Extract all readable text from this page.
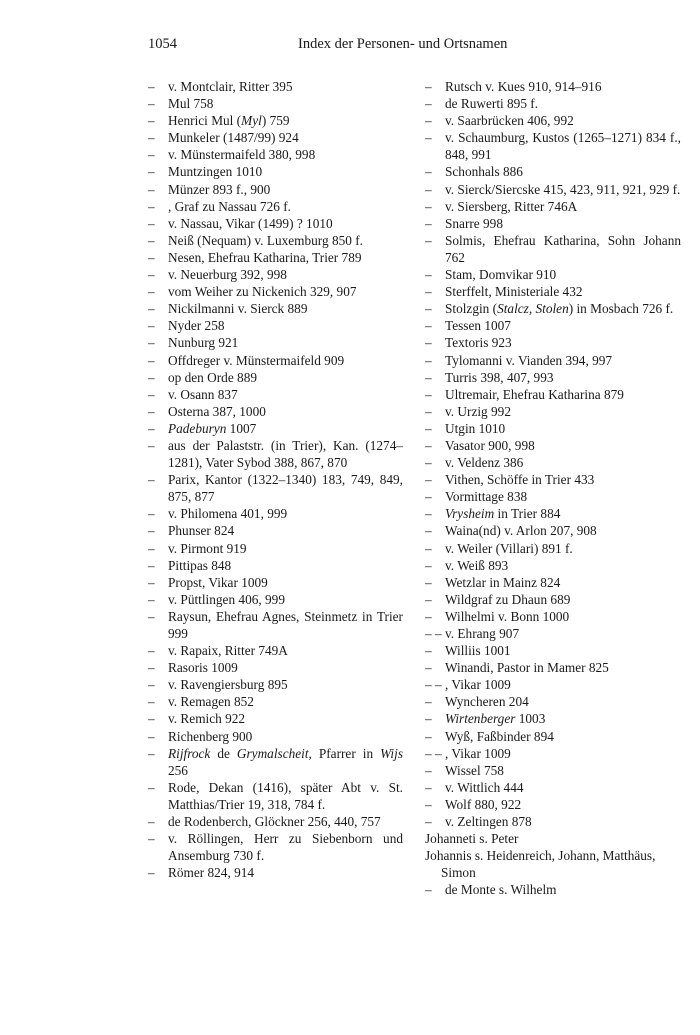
1054	Index der Personen- und Ortsnamen

– v. Montclair, Ritter 395

– Mul 758

– Henrici Mul (Myl) 759

– Munkeler (1487/99) 924

– v. Münstermaifeld 380, 998

– Muntzingen 1010

– Münzer 893 f., 900

– , Graf zu Nassau 726 f.

– v. Nassau, Vikar (1499) ? 1010

– Neiß (Nequam) v. Luxemburg 850 f.

– Nesen, Ehefrau Katharina, Trier 789

– v. Neuerburg 392, 998

– vom Weiher zu Nickenich 329, 907

– Nickilmanni v. Sierck 889

– Nyder 258

– Nunburg 921

– Offdreger v. Münstermaifeld 909

– op den Orde 889

– v. Osann 837

– Osterna 387, 1000

– Padeburyn 1007

– aus der Palaststr. (in Trier), Kan. (1274–1281), Vater Sybod 388, 867, 870

– Parix, Kantor (1322–1340) 183, 749, 849, 875, 877

– v. Philomena 401, 999

– Phunser 824

– v. Pirmont 919

– Pittipas 848

– Propst, Vikar 1009

– v. Püttlingen 406, 999

– Raysun, Ehefrau Agnes, Steinmetz in Trier 999

– v. Rapaix, Ritter 749A

– Rasoris 1009

– v. Ravengiersburg 895

– v. Remagen 852

– v. Remich 922

– Richenberg 900

– Rijfrock de Grymalscheit, Pfarrer in Wijs 256

– Rode, Dekan (1416), später Abt v. St. Matthias/Trier 19, 318, 784 f.

– de Rodenberch, Glöckner 256, 440, 757

– v. Röllingen, Herr zu Siebenborn und Ansemburg 730 f.

– Römer 824, 914

– Rutsch v. Kues 910, 914–916

– de Ruwerti 895 f.

– v. Saarbrücken 406, 992

– v. Schaumburg, Kustos (1265–1271) 834 f., 848, 991

– Schonhals 886

– v. Sierck/Siercske 415, 423, 911, 921, 929 f.

– v. Siersberg, Ritter 746A

– Snarre 998

– Solmis, Ehefrau Katharina, Sohn Johann 762

– Stam, Domvikar 910

– Sterffelt, Ministeriale 432

– Stolzgin (Stalcz, Stolen) in Mosbach 726 f.

– Tessen 1007

– Textoris 923

– Tylomanni v. Vianden 394, 997

– Turris 398, 407, 993

– Ultremair, Ehefrau Katharina 879

– v. Urzig 992

– Utgin 1010

– Vasator 900, 998

– v. Veldenz 386

– Vithen, Schöffe in Trier 433

– Vormittage 838

– Vrysheim in Trier 884

– Waina(nd) v. Arlon 207, 908

– v. Weiler (Villari) 891 f.

– v. Weiß 893

– Wetzlar in Mainz 824

– Wildgraf zu Dhaun 689

– Wilhelmi v. Bonn 1000

– – v. Ehrang 907

– Williis 1001

– Winandi, Pastor in Mamer 825

– – , Vikar 1009

– Wyncheren 204

– Wirtenberger 1003

– Wyß, Faßbinder 894

– – , Vikar 1009

– Wissel 758

– v. Wittlich 444

– Wolf 880, 922

– v. Zeltingen 878

Johanneti s. Peter

Johannis s. Heidenreich, Johann, Matthäus, Simon

– de Monte s. Wilhelm
